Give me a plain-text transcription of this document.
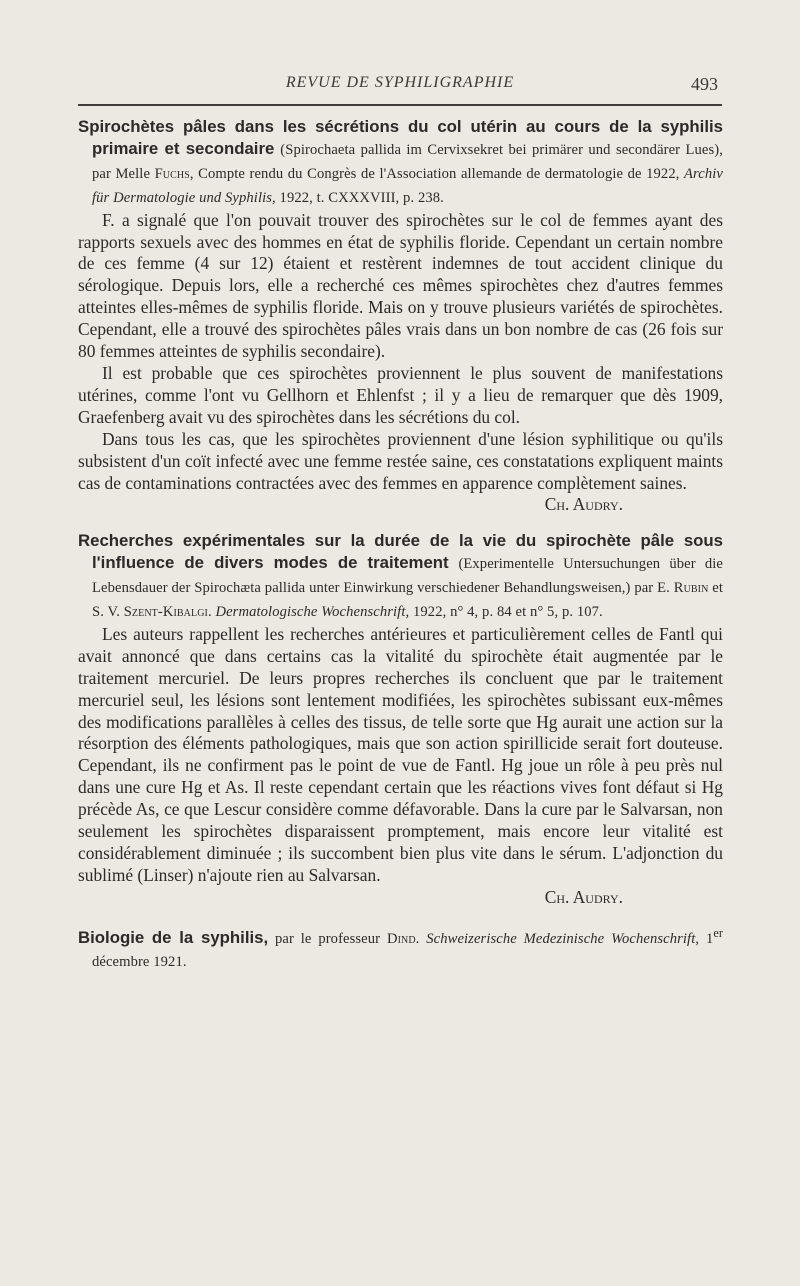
REVUE DE SYPHILIGRAPHIE	493

Spirochètes pâles dans les sécrétions du col utérin au cours de la syphilis primaire et secondaire (Spirochaeta pallida im Cervixsekret bei primärer und secondärer Lues), par Melle Fuchs, Compte rendu du Congrès de l'Association allemande de dermatologie de 1922, Archiv für Dermatologie und Syphilis, 1922, t. CXXXVIII, p. 238.

F. a signalé que l'on pouvait trouver des spirochètes sur le col de femmes ayant des rapports sexuels avec des hommes en état de syphilis floride. Cependant un certain nombre de ces femme (4 sur 12) étaient et restèrent indemnes de tout accident clinique du sérologique. Depuis lors, elle a recherché ces mêmes spirochètes chez d'autres femmes atteintes elles-mêmes de syphilis floride. Mais on y trouve plusieurs variétés de spirochètes. Cependant, elle a trouvé des spirochètes pâles vrais dans un bon nombre de cas (26 fois sur 80 femmes atteintes de syphilis secondaire).

Il est probable que ces spirochètes proviennent le plus souvent de manifestations utérines, comme l'ont vu Gellhorn et Ehlenfst ; il y a lieu de remarquer que dès 1909, Graefenberg avait vu des spirochètes dans les sécrétions du col.

Dans tous les cas, que les spirochètes proviennent d'une lésion syphilitique ou qu'ils subsistent d'un coït infecté avec une femme restée saine, ces constatations expliquent maints cas de contaminations contractées avec des femmes en apparence complètement saines.

Ch. Audry.

Recherches expérimentales sur la durée de la vie du spirochète pâle sous l'influence de divers modes de traitement (Experimentelle Untersuchungen über die Lebensdauer der Spirochæta pallida unter Einwirkung verschiedener Behandlungsweisen,) par E. Rubin et S. V. Szent-Kibalgi. Dermatologische Wochenschrift, 1922, n° 4, p. 84 et n° 5, p. 107.

Les auteurs rappellent les recherches antérieures et particulièrement celles de Fantl qui avait annoncé que dans certains cas la vitalité du spirochète était augmentée par le traitement mercuriel. De leurs propres recherches ils concluent que par le traitement mercuriel seul, les lésions sont lentement modifiées, les spirochètes subissant eux-mêmes des modifications parallèles à celles des tissus, de telle sorte que Hg aurait une action sur la résorption des éléments pathologiques, mais que son action spirillicide serait fort douteuse. Cependant, ils ne confirment pas le point de vue de Fantl. Hg joue un rôle à peu près nul dans une cure Hg et As. Il reste cependant certain que les réactions vives font défaut si Hg précède As, ce que Lescur considère comme défavorable. Dans la cure par le Salvarsan, non seulement les spirochètes disparaissent promptement, mais encore leur vitalité est considérablement diminuée ; ils succombent bien plus vite dans le sérum. L'adjonction du sublimé (Linser) n'ajoute rien au Salvarsan.

Ch. Audry.

Biologie de la syphilis, par le professeur Dind. Schweizerische Medezinische Wochenschrift, 1er décembre 1921.
